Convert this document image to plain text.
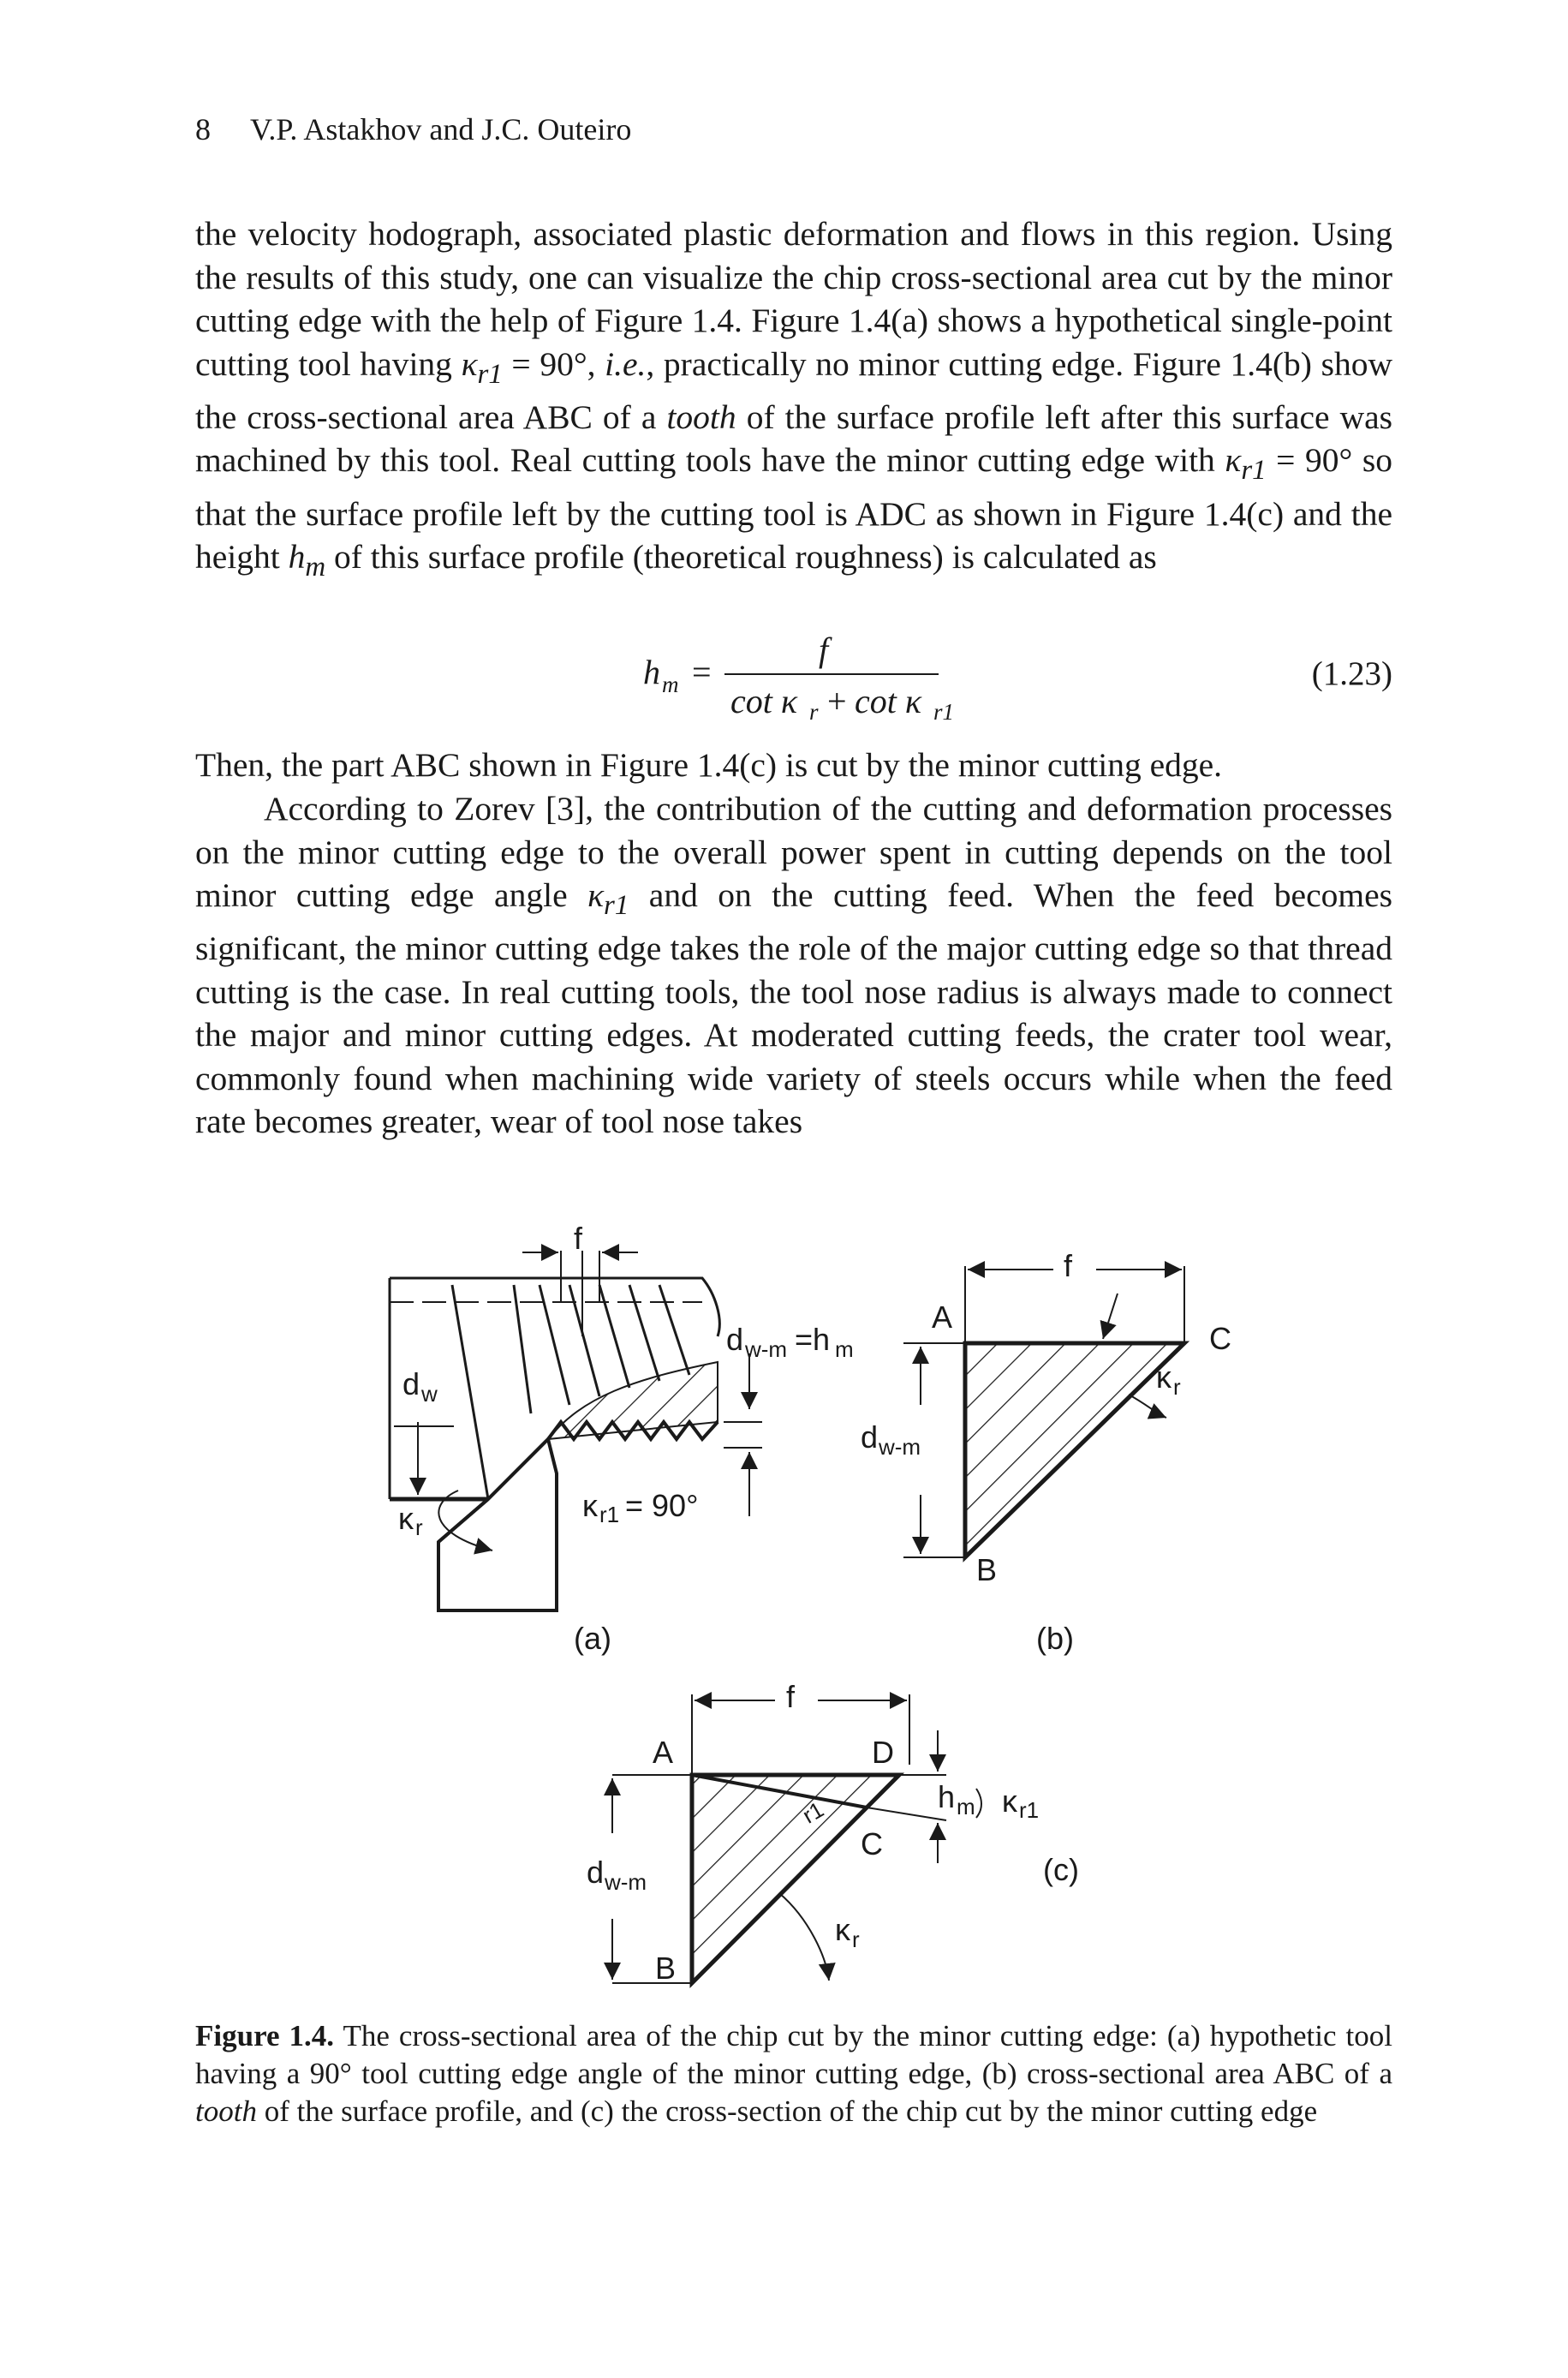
8 V.P. Astakhov and J.C. Outeiro

the velocity hodograph, associated plastic deformation and flows in this region. Using the results of this study, one can visualize the chip cross-sectional area cut by the minor cutting edge with the help of Figure 1.4. Figure 1.4(a) shows a hypothetical single-point cutting tool having $\kappa_{r1} = 90^\circ$, i.e., practically no minor cutting edge. Figure 1.4(b) show the cross-sectional area ABC of a tooth of the surface profile left after this surface was machined by this tool. Real cutting tools have the minor cutting edge with $\kappa_{r1} = 90^\circ$ so that the surface profile left by the cutting tool is ADC as shown in Figure 1.4(c) and the height $h_m$ of this surface profile (theoretical roughness) is calculated as

h m =
f
cot κ r + cot κ r1
(1.23)

Then, the part ABC shown in Figure 1.4(c) is cut by the minor cutting edge.

According to Zorev [3], the contribution of the cutting and deformation processes on the minor cutting edge to the overall power spent in cutting depends on the tool minor cutting edge angle $\kappa_{r1}$ and on the cutting feed. When the feed becomes significant, the minor cutting edge takes the role of the major cutting edge so that thread cutting is the case. In real cutting tools, the tool nose radius is always made to connect the major and minor cutting edges. At moderated cutting feeds, the crater tool wear, commonly found when machining wide variety of steels occurs while when the feed rate becomes greater, wear of tool nose takes

f
d w-m =h m
d w
κ r
κ r1 = 90°
(a)
A
C
B
f
d w-m
κ r
(b)
A	D
C
B
f
d w-m
h m κ r1
r1
κ r
(c)

Figure 1.4. The cross-sectional area of the chip cut by the minor cutting edge: (a) hypothetic tool having a 90° tool cutting edge angle of the minor cutting edge, (b) cross-sectional area ABC of a tooth of the surface profile, and (c) the cross-section of the chip cut by the minor cutting edge
